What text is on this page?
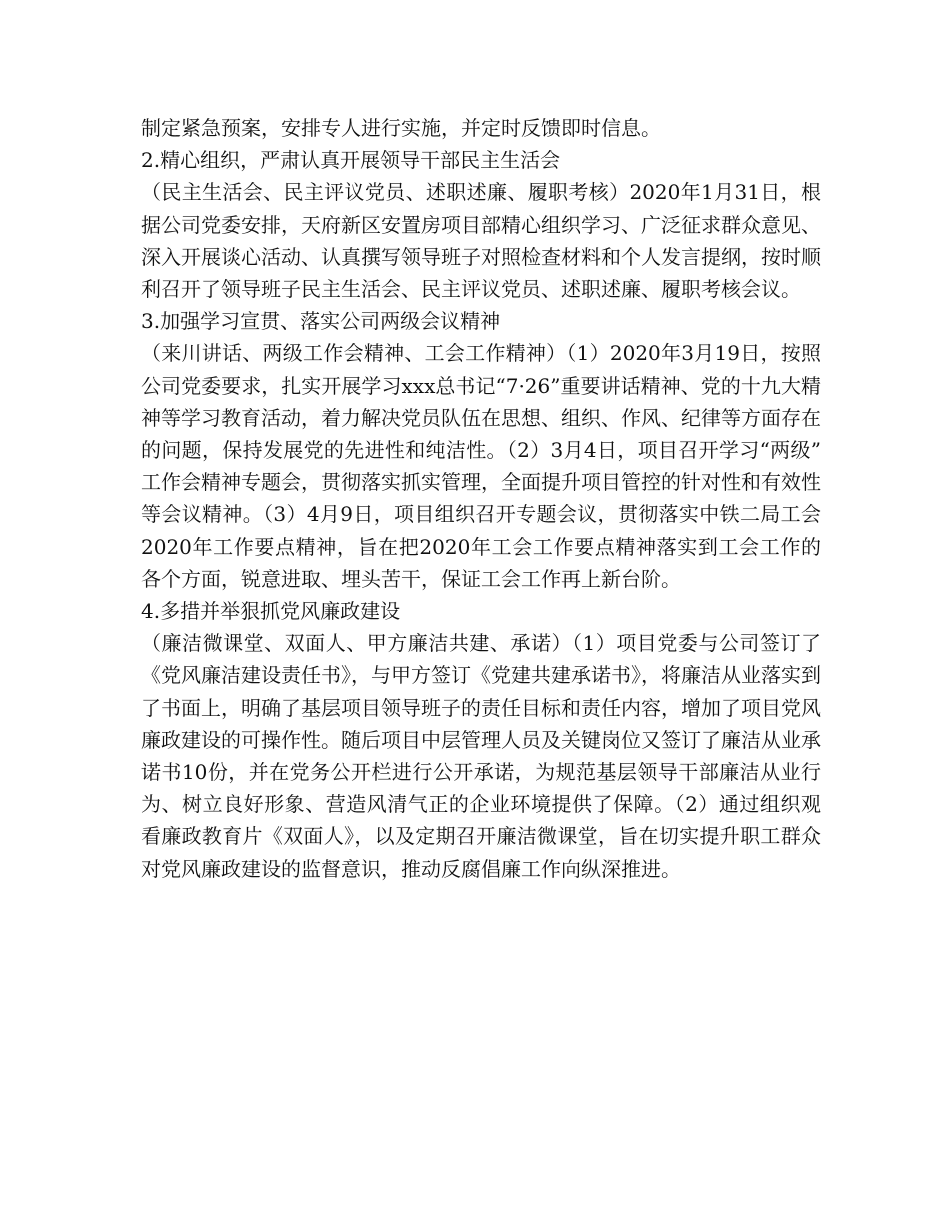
制定紧急预案，安排专人进行实施，并定时反馈即时信息。

2.精心组织，严肃认真开展领导干部民主生活会

（民主生活会、民主评议党员、述职述廉、履职考核）2020年1月31日，根据公司党委安排，天府新区安置房项目部精心组织学习、广泛征求群众意见、深入开展谈心活动、认真撰写领导班子对照检查材料和个人发言提纲，按时顺利召开了领导班子民主生活会、民主评议党员、述职述廉、履职考核会议。

3.加强学习宣贯、落实公司两级会议精神

（来川讲话、两级工作会精神、工会工作精神）（1）2020年3月19日，按照公司党委要求，扎实开展学习xxx总书记“7·26”重要讲话精神、党的十九大精神等学习教育活动，着力解决党员队伍在思想、组织、作风、纪律等方面存在的问题，保持发展党的先进性和纯洁性。（2）3月4日，项目召开学习“两级”工作会精神专题会，贯彻落实抓实管理，全面提升项目管控的针对性和有效性等会议精神。（3）4月9日，项目组织召开专题会议，贯彻落实中铁二局工会2020年工作要点精神，旨在把2020年工会工作要点精神落实到工会工作的各个方面，锐意进取、埋头苦干，保证工会工作再上新台阶。

4.多措并举狠抓党风廉政建设

（廉洁微课堂、双面人、甲方廉洁共建、承诺）（1）项目党委与公司签订了《党风廉洁建设责任书》，与甲方签订《党建共建承诺书》，将廉洁从业落实到了书面上，明确了基层项目领导班子的责任目标和责任内容，增加了项目党风廉政建设的可操作性。随后项目中层管理人员及关键岗位又签订了廉洁从业承诺书10份，并在党务公开栏进行公开承诺，为规范基层领导干部廉洁从业行为、树立良好形象、营造风清气正的企业环境提供了保障。（2）通过组织观看廉政教育片《双面人》，以及定期召开廉洁微课堂，旨在切实提升职工群众对党风廉政建设的监督意识，推动反腐倡廉工作向纵深推进。
